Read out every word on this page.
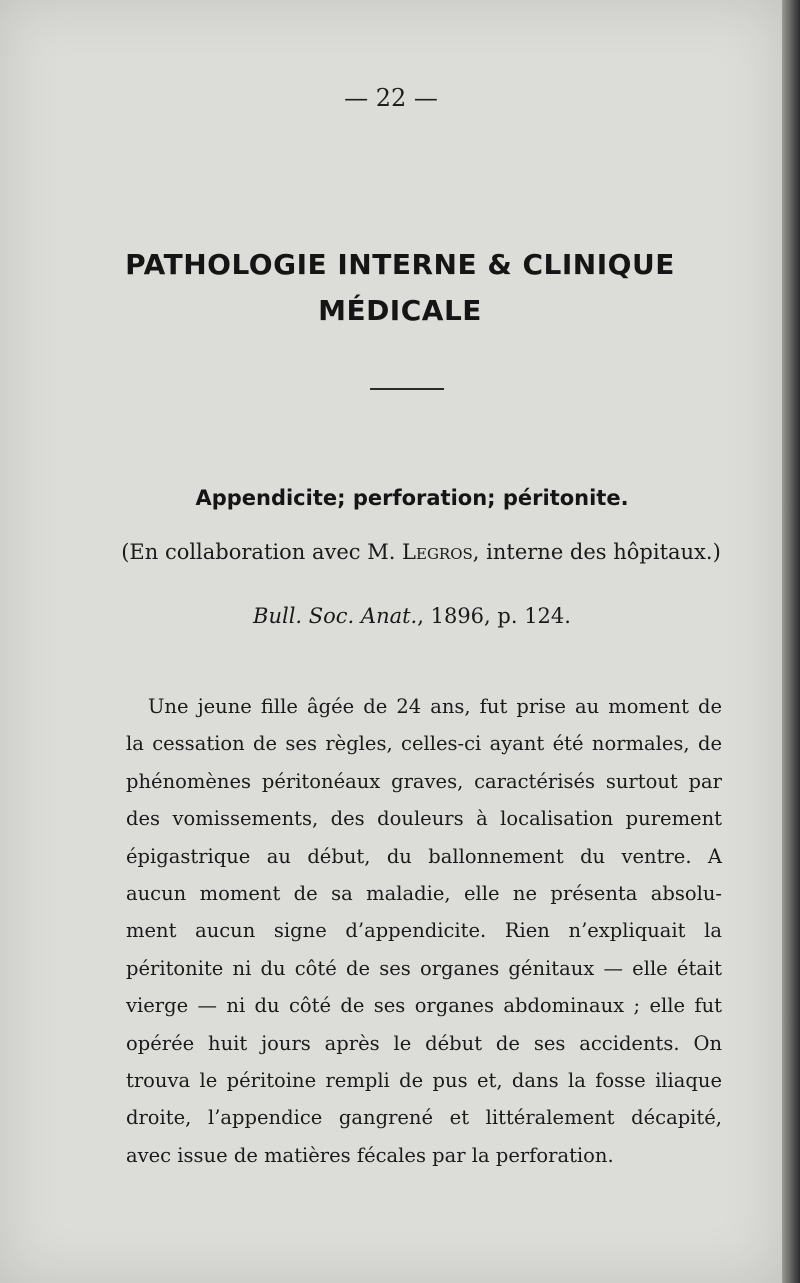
— 22 —
PATHOLOGIE INTERNE & CLINIQUE
MÉDICALE
Appendicite; perforation; péritonite.
(En collaboration avec M. Legros, interne des hôpitaux.)
Bull. Soc. Anat., 1896, p. 124.
Une jeune fille âgée de 24 ans, fut prise au moment de
la cessation de ses règles, celles-ci ayant été normales, de
phénomènes péritonéaux graves, caractérisés surtout par
des vomissements, des douleurs à localisation purement
épigastrique au début, du ballonnement du ventre. A
aucun moment de sa maladie, elle ne présenta absolu-
ment aucun signe d’appendicite. Rien n’expliquait la
péritonite ni du côté de ses organes génitaux — elle était
vierge — ni du côté de ses organes abdominaux ; elle fut
opérée huit jours après le début de ses accidents. On
trouva le péritoine rempli de pus et, dans la fosse iliaque
droite, l’appendice gangrené et littéralement décapité,
avec issue de matières fécales par la perforation.
